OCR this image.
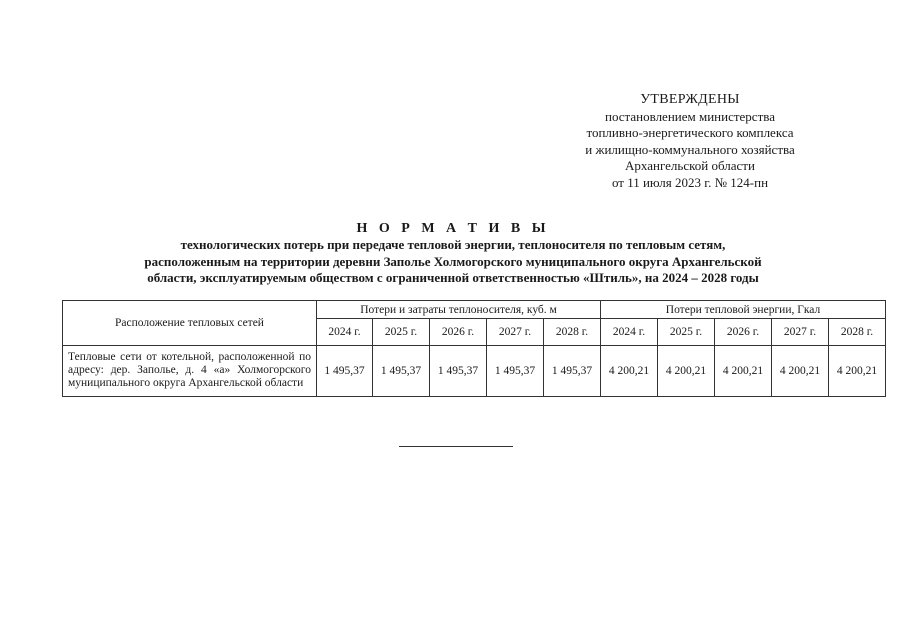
УТВЕРЖДЕНЫ
постановлением министерства
топливно-энергетического комплекса
и жилищно-коммунального хозяйства
Архангельской области
от 11 июля 2023 г. № 124-пн
Н О Р М А Т И В Ы
технологических потерь при передаче тепловой энергии, теплоносителя по тепловым сетям,
расположенным на территории деревни Заполье Холмогорского муниципального округа Архангельской
области, эксплуатируемым обществом с ограниченной ответственностью «Штиль», на 2024 – 2028 годы
Расположение тепловых сетей	Потери и затраты теплоносителя, куб. м					Потери тепловой энергии, Гкал				
	2024 г.	2025 г.	2026 г.	2027 г.	2028 г.	2024 г.	2025 г.	2026 г.	2027 г.	2028 г.
Тепловые сети от котельной, расположенной по адресу: дер. Заполье, д. 4 «а» Холмогорского муниципального округа Архангельской области	1 495,37	1 495,37	1 495,37	1 495,37	1 495,37	4 200,21	4 200,21	4 200,21	4 200,21	4 200,21
